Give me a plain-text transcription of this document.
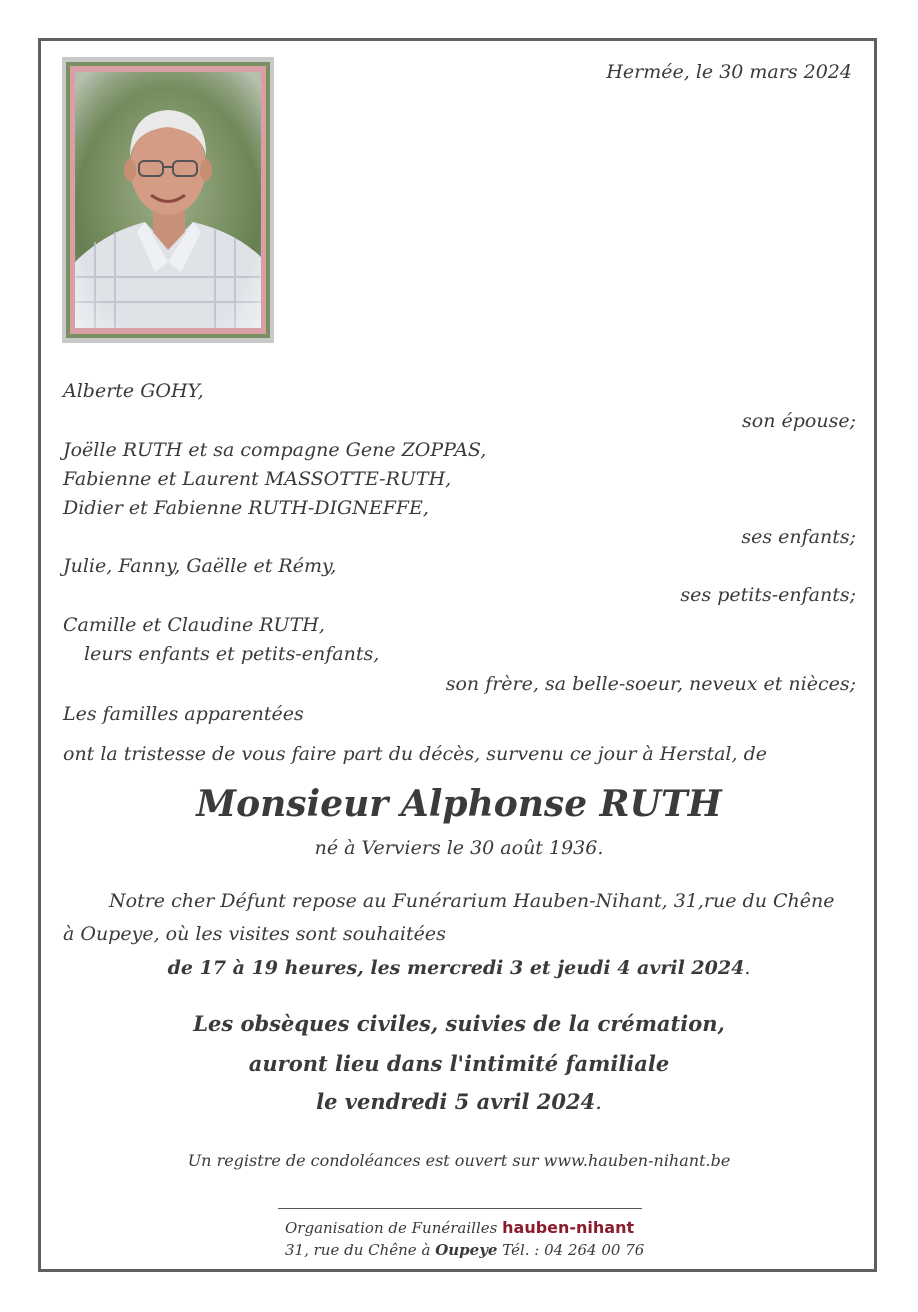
Hermée, le 30 mars 2024
Alberte GOHY,
son épouse;
Joëlle RUTH et sa compagne Gene ZOPPAS,
Fabienne et Laurent MASSOTTE-RUTH,
Didier et Fabienne RUTH-DIGNEFFE,
ses enfants;
Julie, Fanny, Gaëlle et Rémy,
ses petits-enfants;
Camille et Claudine RUTH,
leurs enfants et petits-enfants,
son frère, sa belle-soeur, neveux et nièces;
Les familles apparentées
ont la tristesse de vous faire part du décès, survenu ce jour à Herstal, de
Monsieur Alphonse RUTH
né à Verviers le 30 août 1936.
Notre cher Défunt repose au Funérarium Hauben-Nihant, 31,rue du Chêne
à Oupeye, où les visites sont souhaitées
de 17 à 19 heures, les mercredi 3 et jeudi 4 avril 2024.
Les obsèques civiles, suivies de la crémation,
auront lieu dans l'intimité familiale
le vendredi 5 avril 2024.
Un registre de condoléances est ouvert sur www.hauben-nihant.be
Organisation de Funérailles hauben-nihant
31, rue du Chêne à Oupeye Tél. : 04 264 00 76
